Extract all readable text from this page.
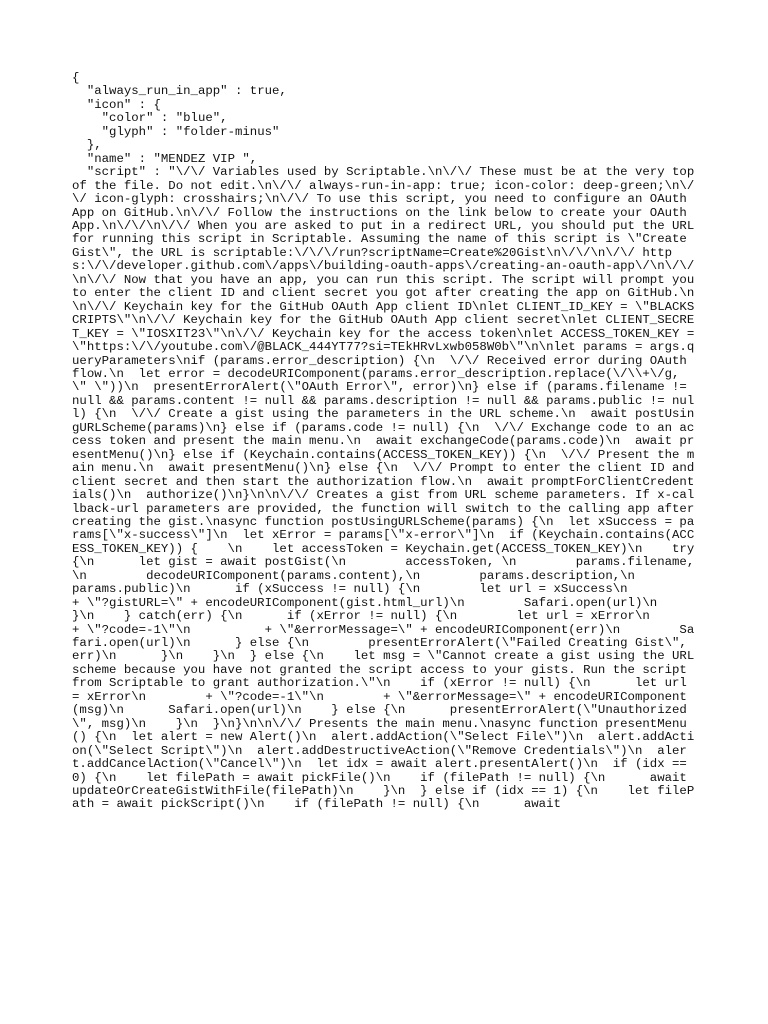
{
"always_run_in_app" : true,
"icon" : {
"color" : "blue",
"glyph" : "folder-minus"
},
"name" : "MENDEZ VIP ",
"script" : "\/\/ Variables used by Scriptable.\n\/\/ These must be at the very top of the file. Do not edit.\n\/\/ always-run-in-app: true; icon-color: deep-green;\n\/\/ icon-glyph: crosshairs;\n\/\/ To use this script, you need to configure an OAuth App on GitHub.\n\/\/ Follow the instructions on the link below to create your OAuth App.\n\/\/\n\/\/ When you are asked to put in a redirect URL, you should put the URL for running this script in Scriptable. Assuming the name of this script is \"Create Gist\", the URL is scriptable:\/\/\/run?scriptName=Create%20Gist\n\/\/\n\/\/ https:\/\/developer.github.com\/apps\/building-oauth-apps\/creating-an-oauth-app\/\n\/\/\n\/\/ Now that you have an app, you can run this script. The script will prompt you to enter the client ID and client secret you got after creating the app on GitHub.\n\n\/\/ Keychain key for the GitHub OAuth App client ID\nlet CLIENT_ID_KEY = \"BLACKSCRIPTS\"\n\/\/ Keychain key for the GitHub OAuth App client secret\nlet CLIENT_SECRET_KEY = \"IOSXIT23\"\n\/\/ Keychain key for the access token\nlet ACCESS_TOKEN_KEY = \"https:\/\/youtube.com\/@BLACK_444YT77?si=TEkHRvLxwb058W0b\"\n\nlet params = args.queryParameters\nif (params.error_description) {\n  \/\/ Received error during OAuth flow.\n  let error = decodeURIComponent(params.error_description.replace(\/\\+\/g, \" \"))\n  presentErrorAlert(\"OAuth Error\", error)\n} else if (params.filename != null && params.content != null && params.description != null && params.public != null) {\n  \/\/ Create a gist using the parameters in the URL scheme.\n  await postUsingURLScheme(params)\n} else if (params.code != null) {\n  \/\/ Exchange code to an access token and present the main menu.\n  await exchangeCode(params.code)\n  await presentMenu()\n} else if (Keychain.contains(ACCESS_TOKEN_KEY)) {\n  \/\/ Present the main menu.\n  await presentMenu()\n} else {\n  \/\/ Prompt to enter the client ID and client secret and then start the authorization flow.\n  await promptForClientCredentials()\n  authorize()\n}\n\n\/\/ Creates a gist from URL scheme parameters. If x-callback-url parameters are provided, the function will switch to the calling app after creating the gist.\nasync function postUsingURLScheme(params) {\n  let xSuccess = params[\"x-success\"]\n  let xError = params[\"x-error\"]\n  if (Keychain.contains(ACCESS_TOKEN_KEY)) {    \n    let accessToken = Keychain.get(ACCESS_TOKEN_KEY)\n    try {\n      let gist = await postGist(\n        accessToken, \n        params.filename, \n        decodeURIComponent(params.content),\n        params.description,\n        params.public)\n      if (xSuccess != null) {\n        let url = xSuccess\n          + \"?gistURL=\" + encodeURIComponent(gist.html_url)\n        Safari.open(url)\n      }\n    } catch(err) {\n      if (xError != null) {\n        let url = xError\n          + \"?code=-1\"\n          + \"&errorMessage=\" + encodeURIComponent(err)\n        Safari.open(url)\n      } else {\n        presentErrorAlert(\"Failed Creating Gist\", err)\n      }\n    }\n  } else {\n    let msg = \"Cannot create a gist using the URL scheme because you have not granted the script access to your gists. Run the script from Scriptable to grant authorization.\"\n    if (xError != null) {\n      let url = xError\n        + \"?code=-1\"\n        + \"&errorMessage=\" + encodeURIComponent(msg)\n      Safari.open(url)\n    } else {\n      presentErrorAlert(\"Unauthorized\", msg)\n    }\n  }\n}\n\n\/\/ Presents the main menu.\nasync function presentMenu() {\n  let alert = new Alert()\n  alert.addAction(\"Select File\")\n  alert.addAction(\"Select Script\")\n  alert.addDestructiveAction(\"Remove Credentials\")\n  alert.addCancelAction(\"Cancel\")\n  let idx = await alert.presentAlert()\n  if (idx == 0) {\n    let filePath = await pickFile()\n    if (filePath != null) {\n      await updateOrCreateGistWithFile(filePath)\n    }\n  } else if (idx == 1) {\n    let filePath = await pickScript()\n    if (filePath != null) {\n      await
